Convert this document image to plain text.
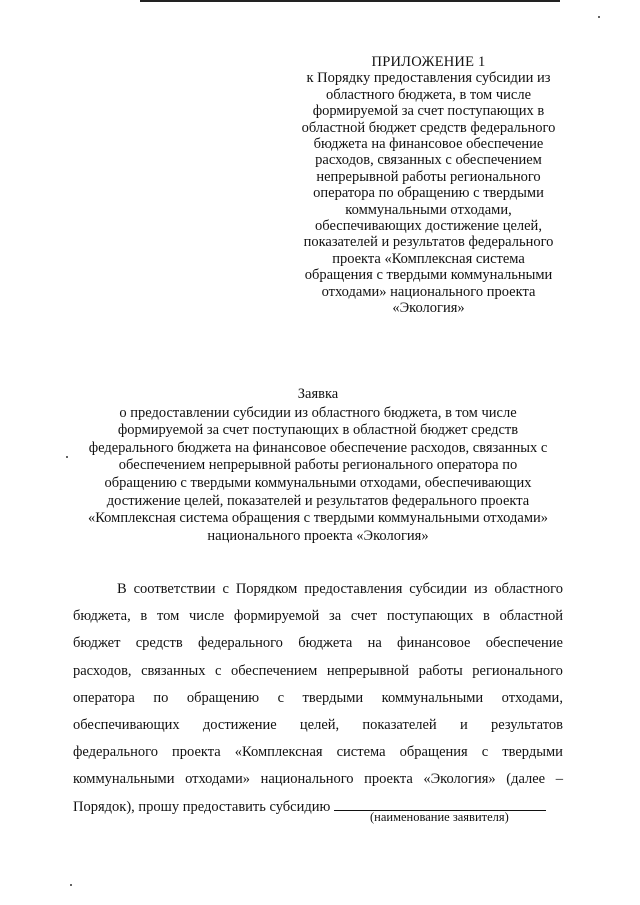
ПРИЛОЖЕНИЕ 1
к Порядку предоставления субсидии из
областного бюджета, в том числе
формируемой за счет поступающих в
областной бюджет средств федерального
бюджета на финансовое обеспечение
расходов, связанных с обеспечением
непрерывной работы регионального
оператора по обращению с твердыми
коммунальными отходами,
обеспечивающих достижение целей,
показателей и результатов федерального
проекта «Комплексная система
обращения с твердыми коммунальными
отходами» национального проекта
«Экология»
Заявка
о предоставлении субсидии из областного бюджета, в том числе
формируемой за счет поступающих в областной бюджет средств
федерального бюджета на финансовое обеспечение расходов, связанных с
обеспечением непрерывной работы регионального оператора по
обращению с твердыми коммунальными отходами, обеспечивающих
достижение целей, показателей и результатов федерального проекта
«Комплексная система обращения с твердыми коммунальными отходами»
национального проекта «Экология»
В соответствии с Порядком предоставления субсидии из областного
бюджета, в том числе формируемой за счет поступающих в областной
бюджет средств федерального бюджета на финансовое обеспечение
расходов, связанных с обеспечением непрерывной работы регионального
оператора по обращению с твердыми коммунальными отходами,
обеспечивающих достижение целей, показателей и результатов
федерального проекта «Комплексная система обращения с твердыми
коммунальными отходами» национального проекта «Экология» (далее –
Порядок), прошу предоставить субсидию
(наименование заявителя)
